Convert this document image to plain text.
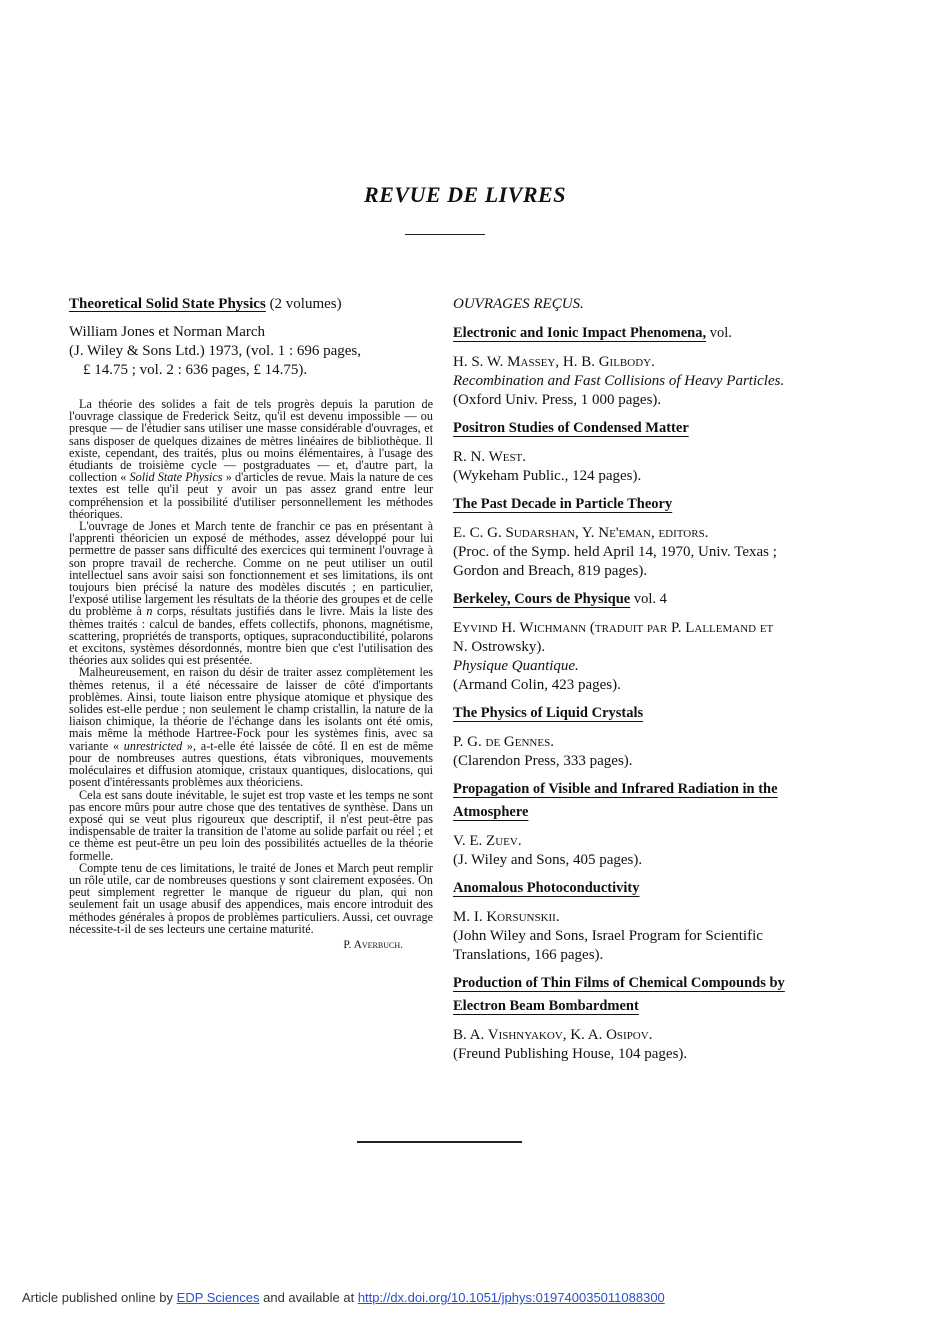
REVUE DE LIVRES
Theoretical Solid State Physics (2 volumes)
William Jones et Norman March
(J. Wiley & Sons Ltd.) 1973, (vol. 1 : 696 pages,
£ 14.75 ; vol. 2 : 636 pages, £ 14.75).

La théorie des solides a fait de tels progrès depuis la parution de l'ouvrage classique de Frederick Seitz, qu'il est devenu impossible — ou presque — de l'étudier sans utiliser une masse considérable d'ouvrages, et sans disposer de quelques dizaines de mètres linéaires de bibliothèque. Il existe, cependant, des traités, plus ou moins élémentaires, à l'usage des étudiants de troisième cycle — postgraduates — et, d'autre part, la collection « Solid State Physics » d'articles de revue. Mais la nature de ces textes est telle qu'il peut y avoir un pas assez grand entre leur compréhension et la possibilité d'utiliser personnellement les méthodes théoriques.

L'ouvrage de Jones et March tente de franchir ce pas en présentant à l'apprenti théoricien un exposé de méthodes, assez développé pour lui permettre de passer sans difficulté des exercices qui terminent l'ouvrage à son propre travail de recherche. Comme on ne peut utiliser un outil intellectuel sans avoir saisi son fonctionnement et ses limitations, ils ont toujours bien précisé la nature des modèles discutés ; en particulier, l'exposé utilise largement les résultats de la théorie des groupes et de celle du problème à n corps, résultats justifiés dans le livre. Mais la liste des thèmes traités : calcul de bandes, effets collectifs, phonons, magnétisme, scattering, propriétés de transports, optiques, supraconductibilité, polarons et excitons, systèmes désordonnés, montre bien que c'est l'utilisation des théories aux solides qui est présentée.

Malheureusement, en raison du désir de traiter assez complètement les thèmes retenus, il a été nécessaire de laisser de côté d'importants problèmes. Ainsi, toute liaison entre physique atomique et physique des solides est-elle perdue ; non seulement le champ cristallin, la nature de la liaison chimique, la théorie de l'échange dans les isolants ont été omis, mais même la méthode Hartree-Fock pour les systèmes finis, avec sa variante « unrestricted », a-t-elle été laissée de côté. Il en est de même pour de nombreuses autres questions, états vibroniques, mouvements moléculaires et diffusion atomique, cristaux quantiques, dislocations, qui posent d'intéressants problèmes aux théoriciens.

Cela est sans doute inévitable, le sujet est trop vaste et les temps ne sont pas encore mûrs pour autre chose que des tentatives de synthèse. Dans un exposé qui se veut plus rigoureux que descriptif, il n'est peut-être pas indispensable de traiter la transition de l'atome au solide parfait ou réel ; et ce thème est peut-être un peu loin des possibilités actuelles de la théorie formelle.

Compte tenu de ces limitations, le traité de Jones et March peut remplir un rôle utile, car de nombreuses questions y sont clairement exposées. On peut simplement regretter le manque de rigueur du plan, qui non seulement fait un usage abusif des appendices, mais encore introduit des méthodes générales à propos de problèmes particuliers. Aussi, cet ouvrage nécessite-t-il de ses lecteurs une certaine maturité.

P. Averbuch.
OUVRAGES REÇUS.
Electronic and Ionic Impact Phenomena, vol.
H. S. W. Massey, H. B. Gilbody.
Recombination and Fast Collisions of Heavy Particles.
(Oxford Univ. Press, 1 000 pages).
Positron Studies of Condensed Matter
R. N. West.
(Wykeham Public., 124 pages).
The Past Decade in Particle Theory
E. C. G. Sudarshan, Y. Ne'eman, editors.
(Proc. of the Symp. held April 14, 1970, Univ. Texas ;
Gordon and Breach, 819 pages).
Berkeley, Cours de Physique vol. 4
Eyvind H. Wichmann (traduit par P. Lallemand et
N. Ostrowsky).
Physique Quantique.
(Armand Colin, 423 pages).
The Physics of Liquid Crystals
P. G. de Gennes.
(Clarendon Press, 333 pages).
Propagation of Visible and Infrared Radiation in the
Atmosphere
V. E. Zuev.
(J. Wiley and Sons, 405 pages).
Anomalous Photoconductivity
M. I. Korsunskii.
(John Wiley and Sons, Israel Program for Scientific
Translations, 166 pages).
Production of Thin Films of Chemical Compounds by
Electron Beam Bombardment
B. A. Vishnyakov, K. A. Osipov.
(Freund Publishing House, 104 pages).
Article published online by EDP Sciences and available at http://dx.doi.org/10.1051/jphys:019740035011088300
